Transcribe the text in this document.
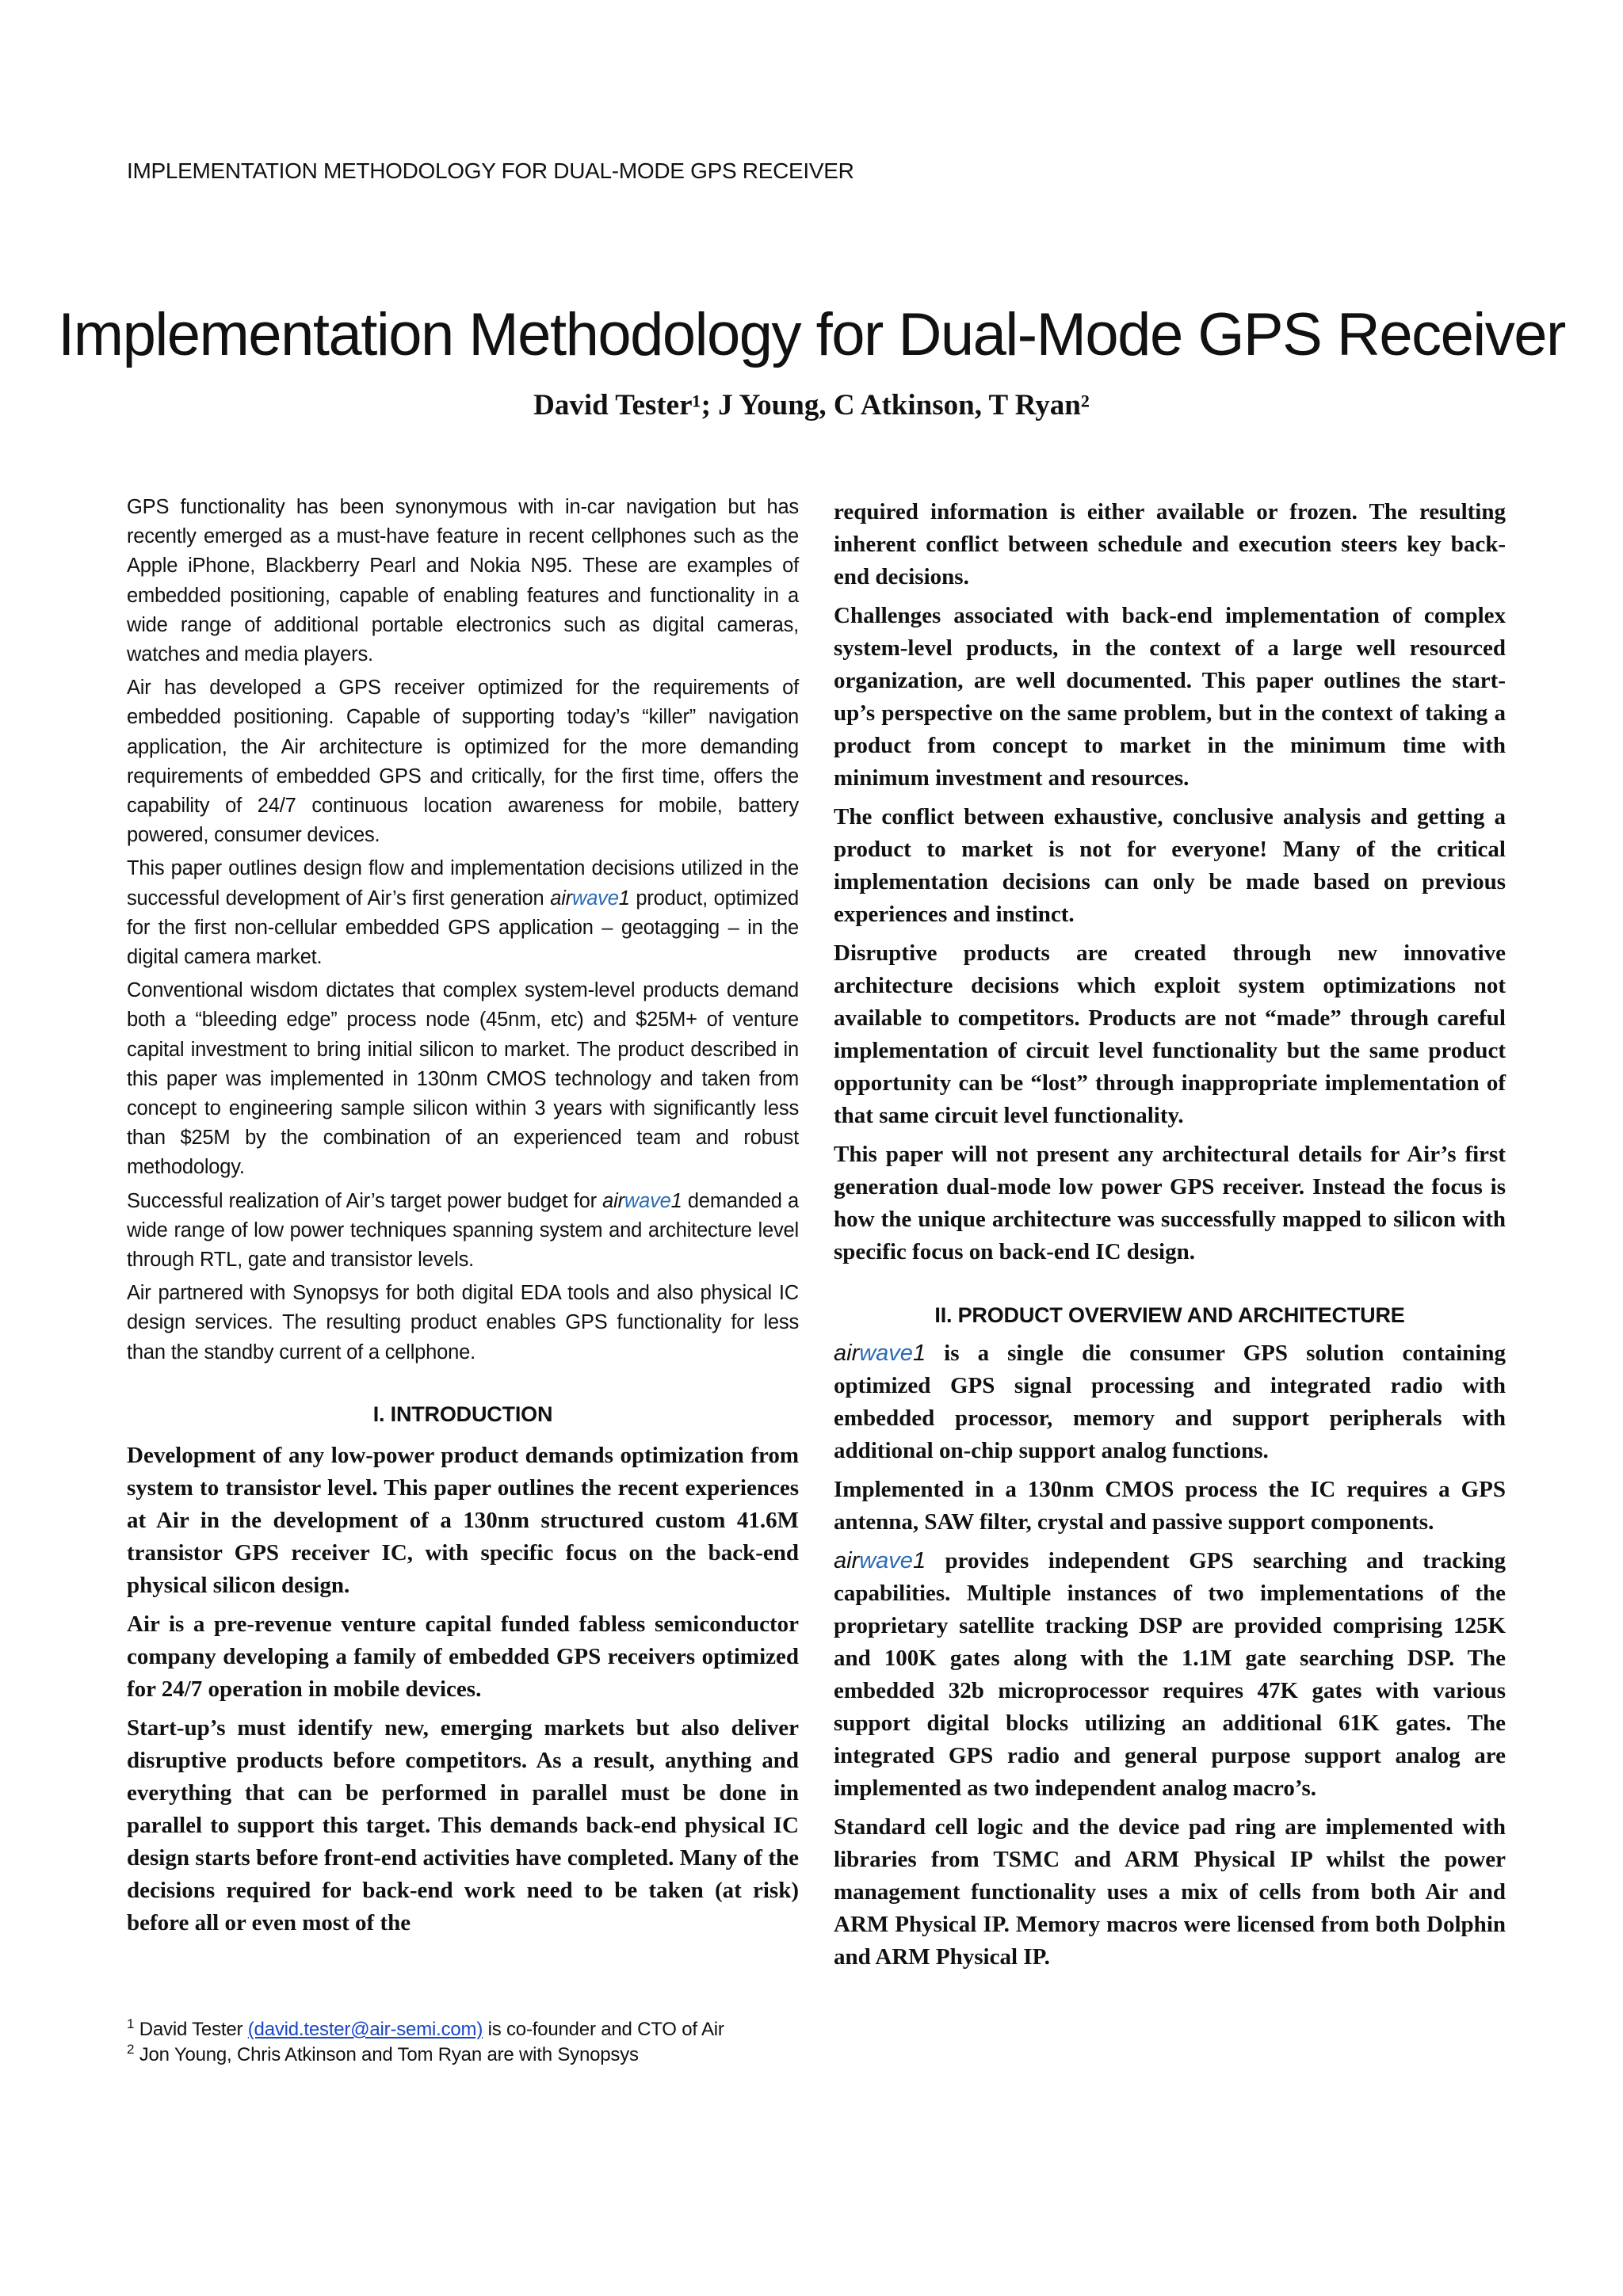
IMPLEMENTATION METHODOLOGY FOR DUAL-MODE GPS RECEIVER
Implementation Methodology for Dual-Mode GPS Receiver
David Tester¹; J Young, C Atkinson, T Ryan²

GPS functionality has been synonymous with in-car navigation but has recently emerged as a must-have feature in recent cellphones such as the Apple iPhone, Blackberry Pearl and Nokia N95. These are examples of embedded positioning, capable of enabling features and functionality in a wide range of additional portable electronics such as digital cameras, watches and media players.

Air has developed a GPS receiver optimized for the requirements of embedded positioning. Capable of supporting today’s “killer” navigation application, the Air architecture is optimized for the more demanding requirements of embedded GPS and critically, for the first time, offers the capability of 24/7 continuous location awareness for mobile, battery powered, consumer devices.

This paper outlines design flow and implementation decisions utilized in the successful development of Air’s first generation airwave1 product, optimized for the first non-cellular embedded GPS application – geotagging – in the digital camera market.

Conventional wisdom dictates that complex system-level products demand both a “bleeding edge” process node (45nm, etc) and $25M+ of venture capital investment to bring initial silicon to market. The product described in this paper was implemented in 130nm CMOS technology and taken from concept to engineering sample silicon within 3 years with significantly less than $25M by the combination of an experienced team and robust methodology.

Successful realization of Air’s target power budget for airwave1 demanded a wide range of low power techniques spanning system and architecture level through RTL, gate and transistor levels.

Air partnered with Synopsys for both digital EDA tools and also physical IC design services. The resulting product enables GPS functionality for less than the standby current of a cellphone.

I. INTRODUCTION

Development of any low-power product demands optimization from system to transistor level. This paper outlines the recent experiences at Air in the development of a 130nm structured custom 41.6M transistor GPS receiver IC, with specific focus on the back-end physical silicon design.

Air is a pre-revenue venture capital funded fabless semiconductor company developing a family of embedded GPS receivers optimized for 24/7 operation in mobile devices.

Start-up’s must identify new, emerging markets but also deliver disruptive products before competitors. As a result, anything and everything that can be performed in parallel must be done in parallel to support this target. This demands back-end physical IC design starts before front-end activities have completed. Many of the decisions required for back-end work need to be taken (at risk) before all or even most of the

required information is either available or frozen. The resulting inherent conflict between schedule and execution steers key back-end decisions.

Challenges associated with back-end implementation of complex system-level products, in the context of a large well resourced organization, are well documented. This paper outlines the start-up’s perspective on the same problem, but in the context of taking a product from concept to market in the minimum time with minimum investment and resources.

The conflict between exhaustive, conclusive analysis and getting a product to market is not for everyone! Many of the critical implementation decisions can only be made based on previous experiences and instinct.

Disruptive products are created through new innovative architecture decisions which exploit system optimizations not available to competitors. Products are not “made” through careful implementation of circuit level functionality but the same product opportunity can be “lost” through inappropriate implementation of that same circuit level functionality.

This paper will not present any architectural details for Air’s first generation dual-mode low power GPS receiver. Instead the focus is how the unique architecture was successfully mapped to silicon with specific focus on back-end IC design.

II. PRODUCT OVERVIEW AND ARCHITECTURE

airwave1 is a single die consumer GPS solution containing optimized GPS signal processing and integrated radio with embedded processor, memory and support peripherals with additional on-chip support analog functions.

Implemented in a 130nm CMOS process the IC requires a GPS antenna, SAW filter, crystal and passive support components.

airwave1 provides independent GPS searching and tracking capabilities. Multiple instances of two implementations of the proprietary satellite tracking DSP are provided comprising 125K and 100K gates along with the 1.1M gate searching DSP. The embedded 32b microprocessor requires 47K gates with various support digital blocks utilizing an additional 61K gates. The integrated GPS radio and general purpose support analog are implemented as two independent analog macro’s.

Standard cell logic and the device pad ring are implemented with libraries from TSMC and ARM Physical IP whilst the power management functionality uses a mix of cells from both Air and ARM Physical IP. Memory macros were licensed from both Dolphin and ARM Physical IP.

$^1$ David Tester (david.tester@air-semi.com) is co-founder and CTO of Air
$^2$ Jon Young, Chris Atkinson and Tom Ryan are with Synopsys
